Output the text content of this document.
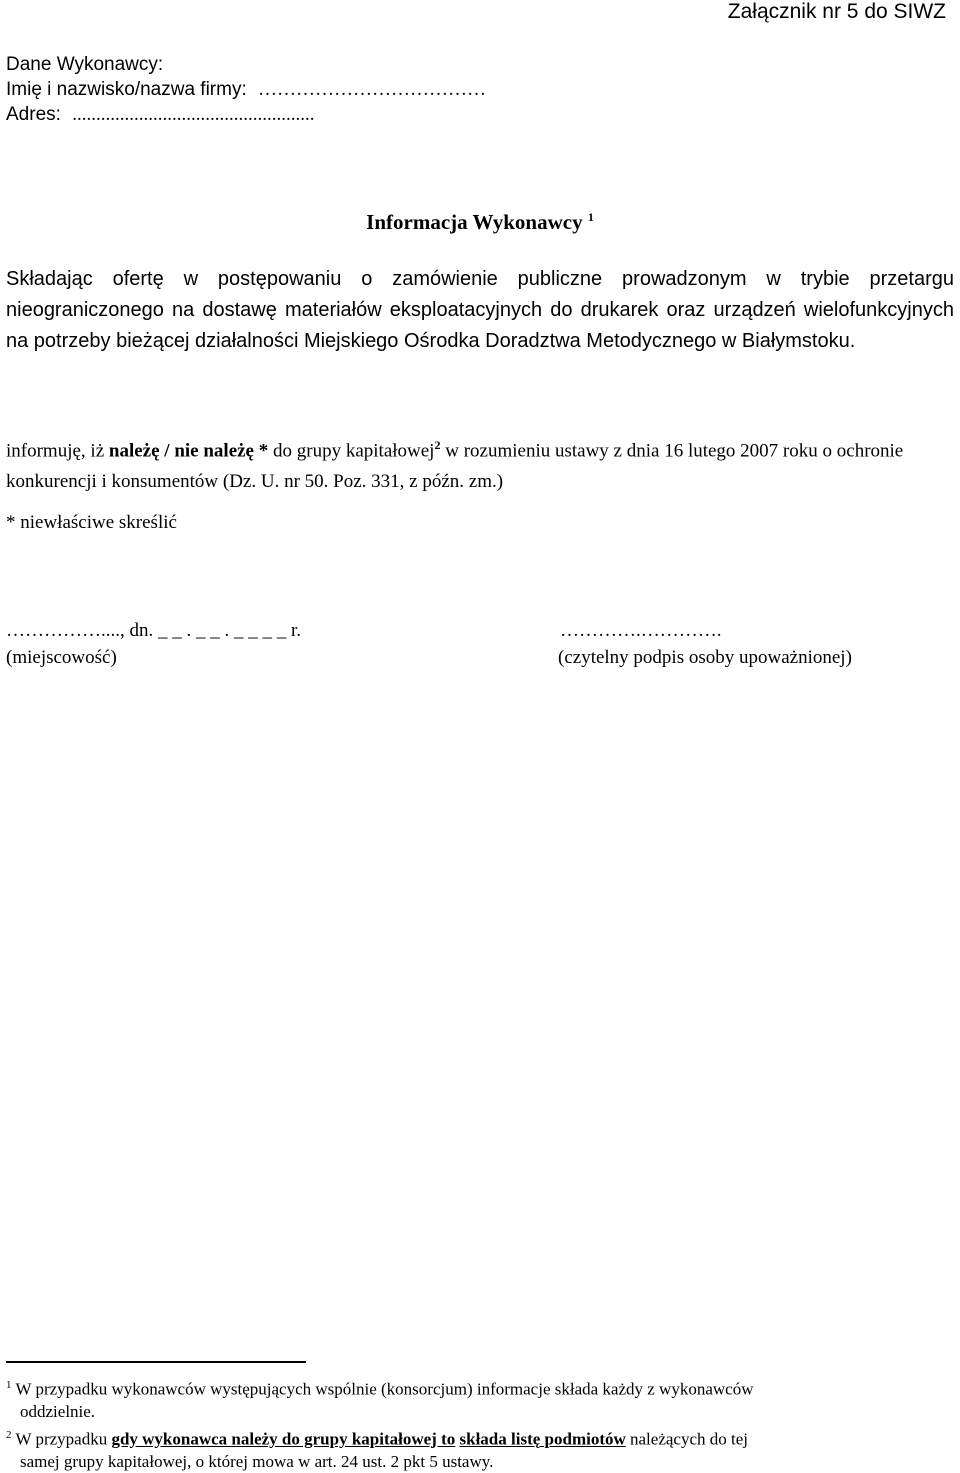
Załącznik nr 5 do SIWZ
Dane Wykonawcy:
Imię i nazwisko/nazwa firmy: ………………………………
Adres: ...................................................
Informacja Wykonawcy $^1$
Składając ofertę w postępowaniu o zamówienie publiczne prowadzonym w trybie przetargu nieograniczonego na dostawę materiałów eksploatacyjnych do drukarek oraz urządzeń wielofunkcyjnych na potrzeby bieżącej działalności Miejskiego Ośrodka Doradztwa Metodycznego w Białymstoku.
informuję, iż należę / nie należę * do grupy kapitałowej$^2$ w rozumieniu ustawy z dnia 16 lutego 2007 roku o ochronie konkurencji i konsumentów (Dz. U. nr 50. Poz. 331, z późn. zm.)
* niewłaściwe skreślić
……………...., dn. _ _ . _ _ . _ _ _ _ r.
(miejscowość)
………….………….
(czytelny podpis osoby upoważnionej)
$^1$ W przypadku wykonawców występujących wspólnie (konsorcjum) informacje składa każdy z wykonawców
oddzielnie.
$^2$ W przypadku gdy wykonawca należy do grupy kapitałowej to składa listę podmiotów należących do tej
samej grupy kapitałowej, o której mowa w art. 24 ust. 2 pkt 5 ustawy.
